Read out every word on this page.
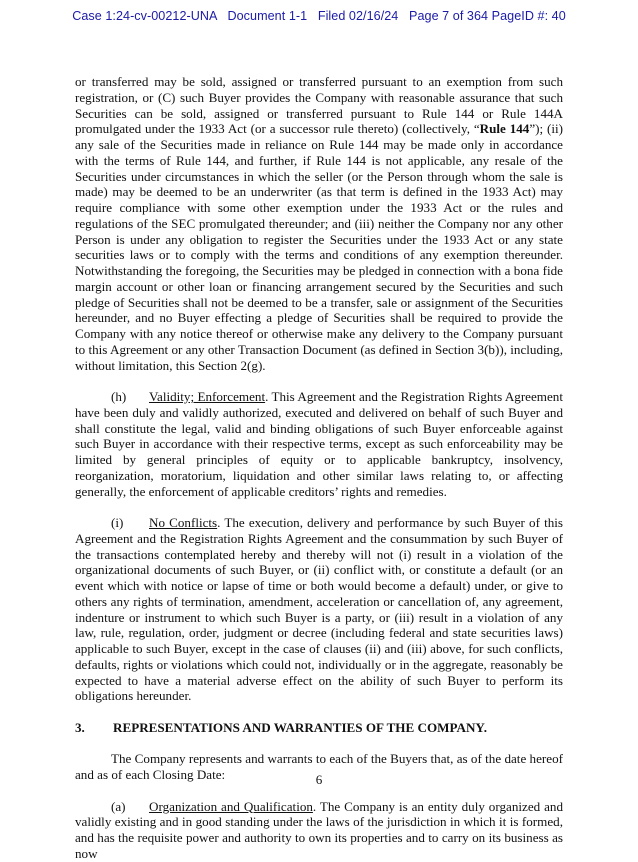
Case 1:24-cv-00212-UNA Document 1-1 Filed 02/16/24 Page 7 of 364 PageID #: 40

or transferred may be sold, assigned or transferred pursuant to an exemption from such registration, or (C) such Buyer provides the Company with reasonable assurance that such Securities can be sold, assigned or transferred pursuant to Rule 144 or Rule 144A promulgated under the 1933 Act (or a successor rule thereto) (collectively, “Rule 144”); (ii) any sale of the Securities made in reliance on Rule 144 may be made only in accordance with the terms of Rule 144, and further, if Rule 144 is not applicable, any resale of the Securities under circumstances in which the seller (or the Person through whom the sale is made) may be deemed to be an underwriter (as that term is defined in the 1933 Act) may require compliance with some other exemption under the 1933 Act or the rules and regulations of the SEC promulgated thereunder; and (iii) neither the Company nor any other Person is under any obligation to register the Securities under the 1933 Act or any state securities laws or to comply with the terms and conditions of any exemption thereunder. Notwithstanding the foregoing, the Securities may be pledged in connection with a bona fide margin account or other loan or financing arrangement secured by the Securities and such pledge of Securities shall not be deemed to be a transfer, sale or assignment of the Securities hereunder, and no Buyer effecting a pledge of Securities shall be required to provide the Company with any notice thereof or otherwise make any delivery to the Company pursuant to this Agreement or any other Transaction Document (as defined in Section 3(b)), including, without limitation, this Section 2(g).

(h) Validity; Enforcement. This Agreement and the Registration Rights Agreement have been duly and validly authorized, executed and delivered on behalf of such Buyer and shall constitute the legal, valid and binding obligations of such Buyer enforceable against such Buyer in accordance with their respective terms, except as such enforceability may be limited by general principles of equity or to applicable bankruptcy, insolvency, reorganization, moratorium, liquidation and other similar laws relating to, or affecting generally, the enforcement of applicable creditors’ rights and remedies.

(i) No Conflicts. The execution, delivery and performance by such Buyer of this Agreement and the Registration Rights Agreement and the consummation by such Buyer of the transactions contemplated hereby and thereby will not (i) result in a violation of the organizational documents of such Buyer, or (ii) conflict with, or constitute a default (or an event which with notice or lapse of time or both would become a default) under, or give to others any rights of termination, amendment, acceleration or cancellation of, any agreement, indenture or instrument to which such Buyer is a party, or (iii) result in a violation of any law, rule, regulation, order, judgment or decree (including federal and state securities laws) applicable to such Buyer, except in the case of clauses (ii) and (iii) above, for such conflicts, defaults, rights or violations which could not, individually or in the aggregate, reasonably be expected to have a material adverse effect on the ability of such Buyer to perform its obligations hereunder.

3. REPRESENTATIONS AND WARRANTIES OF THE COMPANY.

The Company represents and warrants to each of the Buyers that, as of the date hereof and as of each Closing Date:

(a) Organization and Qualification. The Company is an entity duly organized and validly existing and in good standing under the laws of the jurisdiction in which it is formed, and has the requisite power and authority to own its properties and to carry on its business as now

6
